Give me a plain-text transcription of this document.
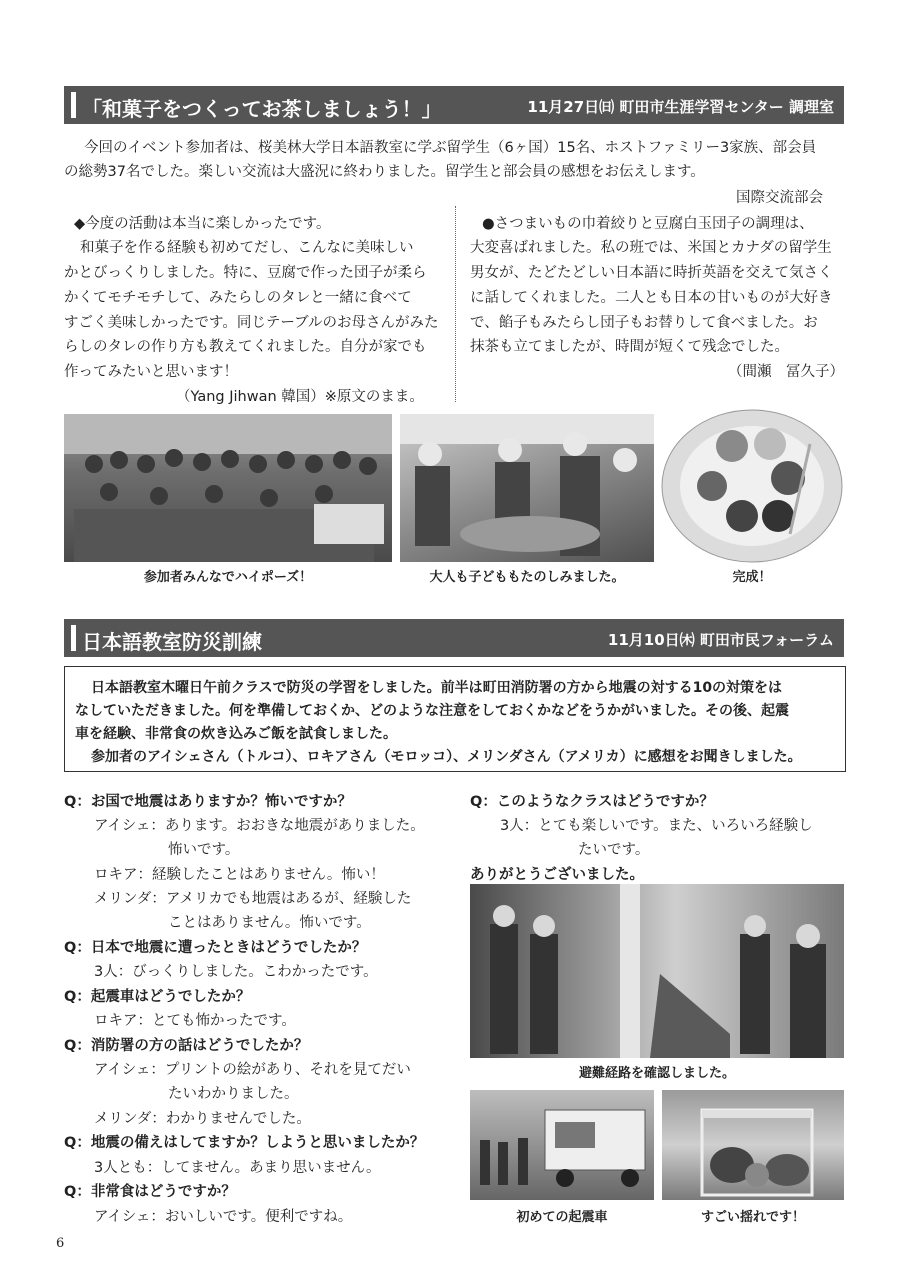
「和菓子をつくってお茶しましょう！」	11月27日㈰ 町田市生涯学習センター 調理室
今回のイベント参加者は、桜美林大学日本語教室に学ぶ留学生（6ヶ国）15名、ホストファミリー3家族、部会員
の総勢37名でした。楽しい交流は大盛況に終わりました。留学生と部会員の感想をお伝えします。
国際交流部会
◆今度の活動は本当に楽しかったです。
和菓子を作る経験も初めてだし、こんなに美味しい
かとびっくりしました。特に、豆腐で作った団子が柔ら
かくてモチモチして、みたらしのタレと一緒に食べて
すごく美味しかったです。同じテーブルのお母さんがみた
らしのタレの作り方も教えてくれました。自分が家でも
作ってみたいと思います！
（Yang Jihwan 韓国）※原文のまま。
●さつまいもの巾着絞りと豆腐白玉団子の調理は、
大変喜ばれました。私の班では、米国とカナダの留学生
男女が、たどたどしい日本語に時折英語を交えて気さく
に話してくれました。二人とも日本の甘いものが大好き
で、餡子もみたらし団子もお替りして食べました。お
抹茶も立てましたが、時間が短くて残念でした。
（間瀬　冨久子）
参加者みんなでハイポーズ！	大人も子どももたのしみました。	完成！
日本語教室防災訓練	11月10日㈭ 町田市民フォーラム
日本語教室木曜日午前クラスで防災の学習をしました。前半は町田消防署の方から地震の対する10の対策をは
なしていただきました。何を準備しておくか、どのような注意をしておくかなどをうかがいました。その後、起震
車を経験、非常食の炊き込みご飯を試食しました。
参加者のアイシェさん（トルコ）、ロキアさん（モロッコ）、メリンダさん（アメリカ）に感想をお聞きしました。
Q：お国で地震はありますか？怖いですか？
アイシェ：あります。おおきな地震がありました。
怖いです。
ロキア：経験したことはありません。怖い！
メリンダ：アメリカでも地震はあるが、経験した
ことはありません。怖いです。
Q：日本で地震に遭ったときはどうでしたか？
3人：びっくりしました。こわかったです。
Q：起震車はどうでしたか？
ロキア：とても怖かったです。
Q：消防署の方の話はどうでしたか？
アイシェ：プリントの絵があり、それを見てだい
たいわかりました。
メリンダ：わかりませんでした。
Q：地震の備えはしてますか？しようと思いましたか？
3人とも：してません。あまり思いません。
Q：非常食はどうですか？
アイシェ：おいしいです。便利ですね。
Q：このようなクラスはどうですか？
3人：とても楽しいです。また、いろいろ経験し
たいです。
ありがとうございました。
避難経路を確認しました。
初めての起震車	すごい揺れです！
6
